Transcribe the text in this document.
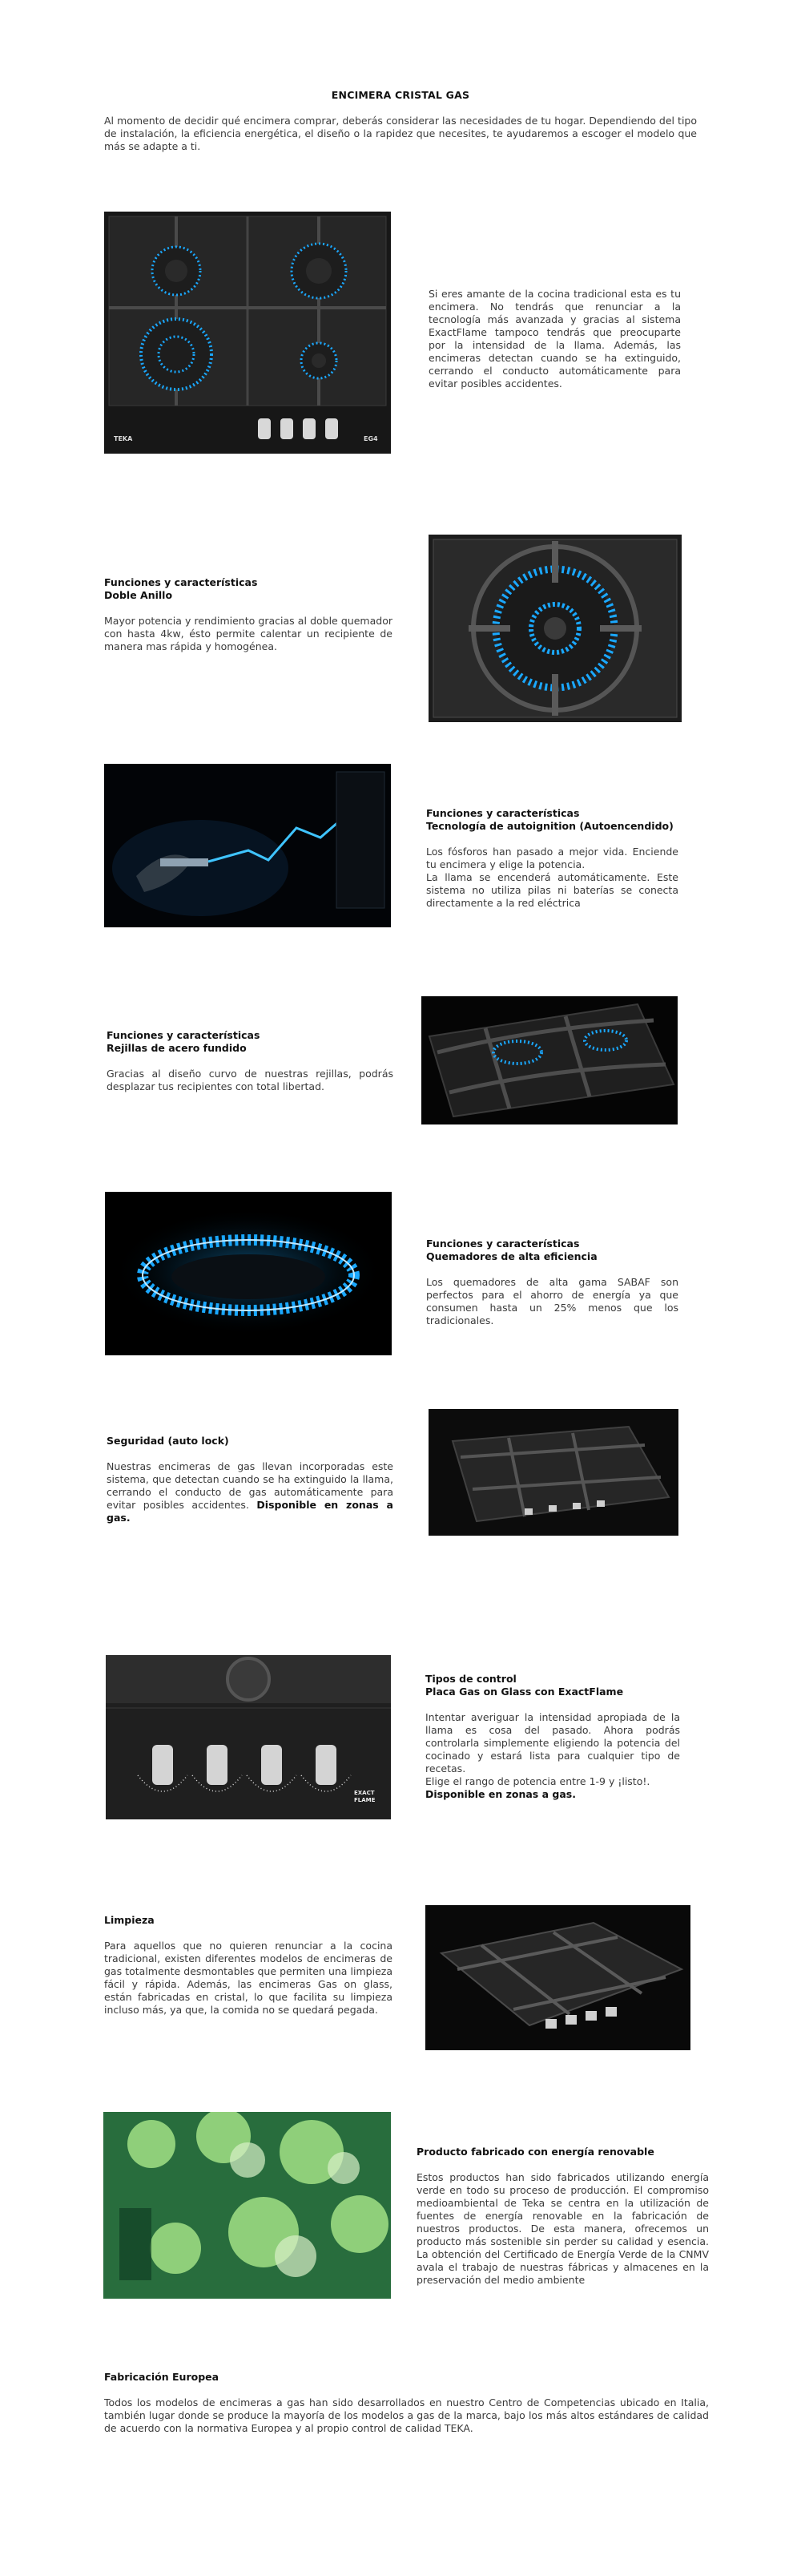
ENCIMERA CRISTAL GAS
Al momento de decidir qué encimera comprar, deberás considerar las necesidades de tu hogar. Dependiendo del tipo de instalación, la eficiencia energética, el diseño o la rapidez que necesites, te ayudaremos a escoger el modelo que más se adapte a ti.
TEKA	EG4

Si eres amante de la cocina tradicional esta es tu encimera. No tendrás que renunciar a la tecnología más avanzada y gracias al sistema ExactFlame tampoco tendrás que preocuparte por la intensidad de la llama. Además, las encimeras detectan cuando se ha extinguido, cerrando el conducto automáticamente para evitar posibles accidentes.

Funciones y características
Doble Anillo

Mayor potencia y rendimiento gracias al doble quemador con hasta 4kw, ésto permite calentar un recipiente de manera mas rápida y homogénea.

Funciones y características
Tecnología de autoignition (Autoencendido)

Los fósforos han pasado a mejor vida. Enciende tu encimera y elige la potencia.

La llama se encenderá automáticamente. Este sistema no utiliza pilas ni baterías se conecta directamente a la red eléctrica

Funciones y características
Rejillas de acero fundido

Gracias al diseño curvo de nuestras rejillas, podrás desplazar tus recipientes con total libertad.

Funciones y características
Quemadores de alta eficiencia

Los quemadores de alta gama SABAF son perfectos para el ahorro de energía ya que consumen hasta un 25% menos que los tradicionales.

Seguridad (auto lock)

Nuestras encimeras de gas llevan incorporadas este sistema, que detectan cuando se ha extinguido la llama, cerrando el conducto de gas automáticamente para evitar posibles accidentes. Disponible en zonas a gas.

EXACT FLAME
Tipos de control
Placa Gas on Glass con ExactFlame

Intentar averiguar la intensidad apropiada de la llama es cosa del pasado. Ahora podrás controlarla simplemente eligiendo la potencia del cocinado y estará lista para cualquier tipo de recetas.

Elige el rango de potencia entre 1-9 y ¡listo!.

Disponible en zonas a gas.

Limpieza

Para aquellos que no quieren renunciar a la cocina tradicional, existen diferentes modelos de encimeras de gas totalmente desmontables que permiten una limpieza fácil y rápida. Además, las encimeras Gas on glass, están fabricadas en cristal, lo que facilita su limpieza incluso más, ya que, la comida no se quedará pegada.

Producto fabricado con energía renovable

Estos productos han sido fabricados utilizando energía verde en todo su proceso de producción. El compromiso medioambiental de Teka se centra en la utilización de fuentes de energía renovable en la fabricación de nuestros productos. De esta manera, ofrecemos un producto más sostenible sin perder su calidad y esencia. La obtención del Certificado de Energía Verde de la CNMV avala el trabajo de nuestras fábricas y almacenes en la preservación del medio ambiente

Fabricación Europea

Todos los modelos de encimeras a gas han sido desarrollados en nuestro Centro de Competencias ubicado en Italia, también lugar donde se produce la mayoría de los modelos a gas de la marca, bajo los más altos estándares de calidad de acuerdo con la normativa Europea y al propio control de calidad TEKA.
